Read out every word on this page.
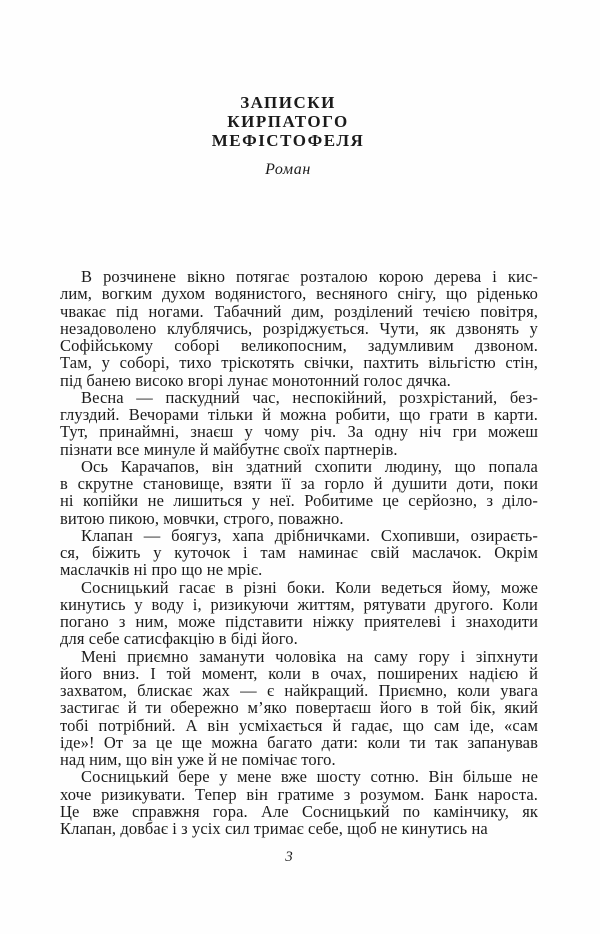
ЗАПИСКИ
КИРПАТОГО
МЕФІСТОФЕЛЯ
Роман

В розчинене вікно потягає розталою корою дерева і кис-
лим, вогким духом водянистого, весняного снігу, що ріденько
чвакає під ногами. Табачний дим, розділений течією повітря,
незадоволено клублячись, розріджується. Чути, як дзвонять у
Софійському соборі великопосним, задумливим дзвоном.
Там, у соборі, тихо тріскотять свічки, пахтить вільгістю стін,
під банею високо вгорі лунає монотонний голос дячка.

Весна — паскудний час, неспокійний, розхрістаний, без-
глуздий. Вечорами тільки й можна робити, що грати в карти.
Тут, принаймні, знаєш у чому річ. За одну ніч гри можеш
пізнати все минуле й майбутнє своїх партнерів.

Ось Карачапов, він здатний схопити людину, що попала
в скрутне становище, взяти її за горло й душити доти, поки
ні копійки не лишиться у неї. Робитиме це серйозно, з діло-
витою пикою, мовчки, строго, поважно.

Клапан — боягуз, хапа дрібничками. Схопивши, озираєть-
ся, біжить у куточок і там наминає свій маслачок. Окрім
маслачків ні про що не мріє.

Сосницький гасає в різні боки. Коли ведеться йому, може
кинутись у воду і, ризикуючи життям, рятувати другого. Коли
погано з ним, може підставити ніжку приятелеві і знаходити
для себе сатисфакцію в біді його.

Мені приємно заманути чоловіка на саму гору і зіпхнути
його вниз. І той момент, коли в очах, поширених надією й
захватом, блискає жах — є найкращий. Приємно, коли увага
застигає й ти обережно м’яко повертаєш його в той бік, який
тобі потрібний. А він усміхається й гадає, що сам іде, «сам
іде»! От за це ще можна багато дати: коли ти так запанував
над ним, що він уже й не помічає того.

Сосницький бере у мене вже шосту сотню. Він більше не
хоче ризикувати. Тепер він гратиме з розумом. Банк нароста.
Це вже справжня гора. Але Сосницький по камінчику, як
Клапан, довбає і з усіх сил тримає себе, щоб не кинутись на

3
